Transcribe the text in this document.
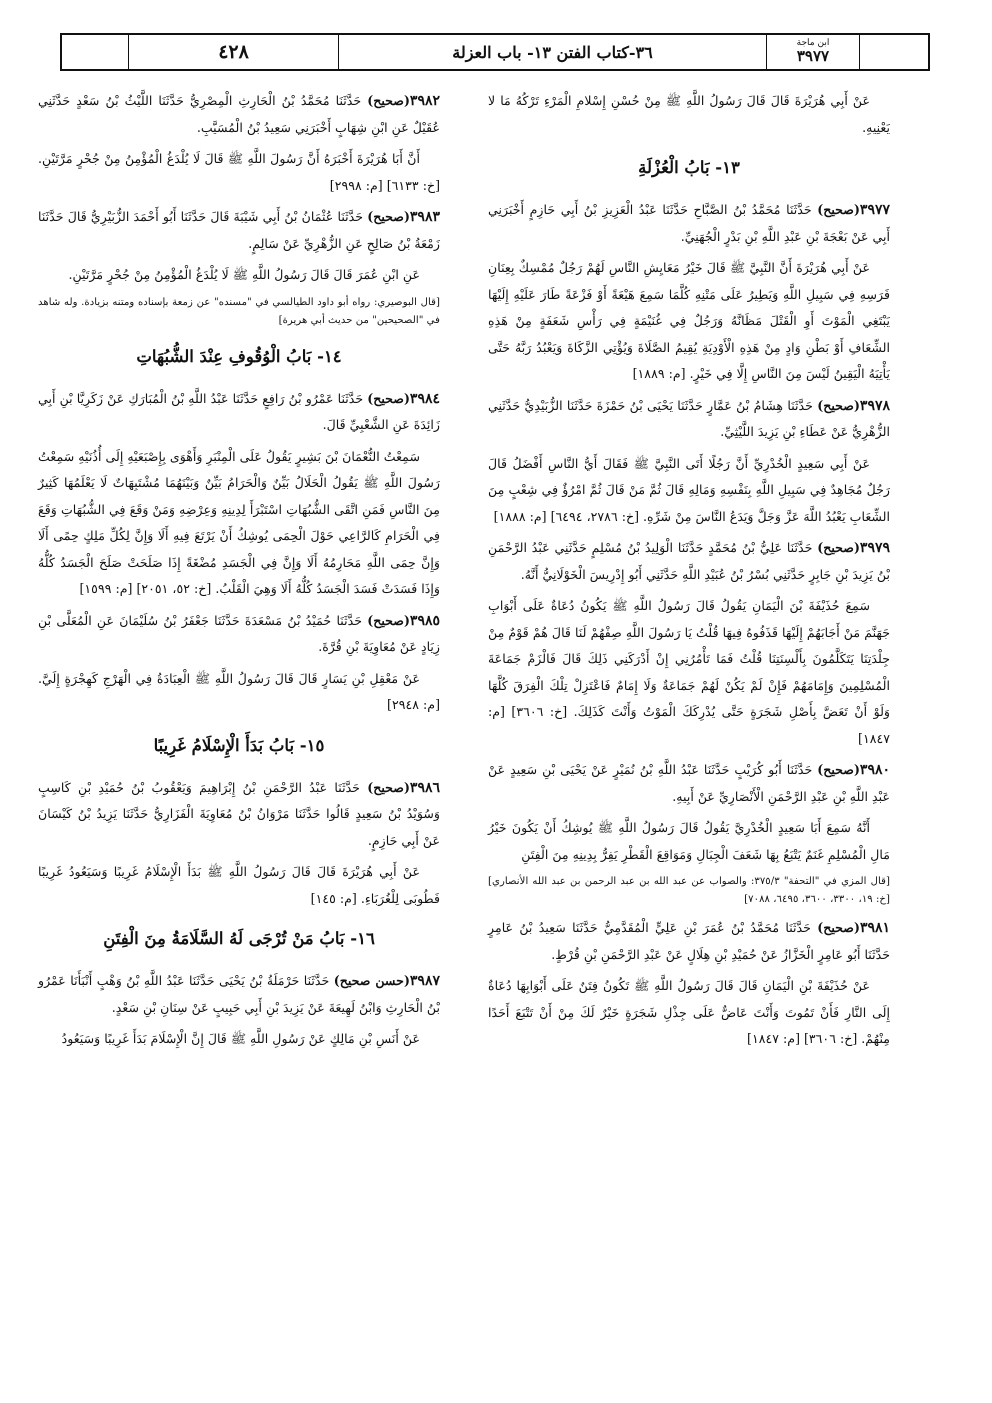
٤٢٨	٣٦-كتاب الفتن ١٣- باب العزلة	ابن ماجة
٣٩٧٧

عَنْ أَبِي هُرَيْرَةَ قَالَ قَالَ رَسُولُ اللَّهِ ﷺ مِنْ حُسْنِ إِسْلامِ الْمَرْءِ تَرْكُهُ مَا لا يَعْنِيهِ.

١٣- بَابُ الْعُزْلَةِ

٣٩٧٧(صحيح) حَدَّثَنَا مُحَمَّدُ بْنُ الصَّبَّاحِ حَدَّثَنَا عَبْدُ الْعَزِيزِ بْنُ أَبِي حَازِمٍ أَخْبَرَنِي أَبِي عَنْ بَعْجَةَ بْنِ عَبْدِ اللَّهِ بْنِ بَدْرٍ الْجُهَنِيِّ.

عَنْ أَبِي هُرَيْرَةَ أَنَّ النَّبِيَّ ﷺ قَالَ خَيْرُ مَعَايِشِ النَّاسِ لَهُمْ رَجُلٌ مُمْسِكٌ بِعِنَانِ فَرَسِهِ فِي سَبِيلِ اللَّهِ وَيَطِيرُ عَلَى مَتْنِهِ كُلَّمَا سَمِعَ هَيْعَةً أَوْ فَزْعَةً طَارَ عَلَيْهِ إِلَيْهَا يَبْتَغِي الْمَوْتَ أَوِ الْقَتْلَ مَظَانَّهُ وَرَجُلٌ فِي غُنَيْمَةٍ فِي رَأْسِ شَعَفَةٍ مِنْ هَذِهِ الشِّعَافِ أَوْ بَطْنِ وَادٍ مِنْ هَذِهِ الْأَوْدِيَةِ يُقِيمُ الصَّلَاةَ وَيُؤْتِي الزَّكَاةَ وَيَعْبُدُ رَبَّهُ حَتَّى يَأْتِيَهُ الْيَقِينُ لَيْسَ مِنَ النَّاسِ إِلَّا فِي خَيْرٍ. [م: ١٨٨٩]

٣٩٧٨(صحيح) حَدَّثَنَا هِشَامُ بْنُ عَمَّارٍ حَدَّثَنَا يَحْيَى بْنُ حَمْزَةَ حَدَّثَنَا الزُّبَيْدِيُّ حَدَّثَنِي الزُّهْرِيُّ عَنْ عَطَاءِ بْنِ يَزِيدَ اللَّيْثِيِّ.

عَنْ أَبِي سَعِيدٍ الْخُدْرِيِّ أَنَّ رَجُلًا أَتَى النَّبِيَّ ﷺ فَقَالَ أَيُّ النَّاسِ أَفْضَلُ قَالَ رَجُلٌ مُجَاهِدٌ فِي سَبِيلِ اللَّهِ بِنَفْسِهِ وَمَالِهِ قَالَ ثُمَّ مَنْ قَالَ ثُمَّ امْرُؤٌ فِي شِعْبٍ مِنَ الشِّعَابِ يَعْبُدُ اللَّهَ عَزَّ وَجَلَّ وَيَدَعُ النَّاسَ مِنْ شَرِّهِ. [خ: ٢٧٨٦، ٦٤٩٤] [م: ١٨٨٨]

٣٩٧٩(صحيح) حَدَّثَنَا عَلِيُّ بْنُ مُحَمَّدٍ حَدَّثَنَا الْوَلِيدُ بْنُ مُسْلِمٍ حَدَّثَنِي عَبْدُ الرَّحْمَنِ بْنُ يَزِيدَ بْنِ جَابِرٍ حَدَّثَنِي بُسْرُ بْنُ عُبَيْدِ اللَّهِ حَدَّثَنِي أَبُو إِدْرِيسَ الْخَوْلَانِيُّ أَنَّهُ.

سَمِعَ حُذَيْفَةَ بْنَ الْيَمَانِ يَقُولُ قَالَ رَسُولُ اللَّهِ ﷺ يَكُونُ دُعَاةٌ عَلَى أَبْوَابِ جَهَنَّمَ مَنْ أَجَابَهُمْ إِلَيْهَا قَذَفُوهُ فِيهَا قُلْتُ يَا رَسُولَ اللَّهِ صِفْهُمْ لَنَا قَالَ هُمْ قَوْمٌ مِنْ جِلْدَتِنَا يَتَكَلَّمُونَ بِأَلْسِنَتِنَا قُلْتُ فَمَا تَأْمُرُنِي إِنْ أَدْرَكَنِي ذَلِكَ قَالَ فَالْزَمْ جَمَاعَةَ الْمُسْلِمِينَ وَإِمَامَهُمْ فَإِنْ لَمْ يَكُنْ لَهُمْ جَمَاعَةٌ وَلَا إِمَامٌ فَاعْتَزِلْ تِلْكَ الْفِرَقَ كُلَّهَا وَلَوْ أَنْ تَعَضَّ بِأَصْلِ شَجَرَةٍ حَتَّى يُدْرِكَكَ الْمَوْتُ وَأَنْتَ كَذَلِكَ. [خ: ٣٦٠٦] [م: ١٨٤٧]

٣٩٨٠(صحيح) حَدَّثَنَا أَبُو كُرَيْبٍ حَدَّثَنَا عَبْدُ اللَّهِ بْنُ نُمَيْرٍ عَنْ يَحْيَى بْنِ سَعِيدٍ عَنْ عَبْدِ اللَّهِ بْنِ عَبْدِ الرَّحْمَنِ الْأَنْصَارِيِّ عَنْ أَبِيهِ.

أَنَّهُ سَمِعَ أَبَا سَعِيدٍ الْخُدْرِيَّ يَقُولُ قَالَ رَسُولُ اللَّهِ ﷺ يُوشِكُ أَنْ يَكُونَ خَيْرُ مَالِ الْمُسْلِمِ غَنَمٌ يَتْبَعُ بِهَا شَعَفَ الْجِبَالِ وَمَوَاقِعَ الْقَطْرِ يَفِرُّ بِدِينِهِ مِنَ الْفِتَنِ

[قال المزي في "التحفة" ٣٧٥/٣: والصواب عن عبد الله بن عبد الرحمن بن عبد الله الأنصاري] [خ: ١٩، ٣٣٠٠، ٣٦٠٠، ٦٤٩٥، ٧٠٨٨]

٣٩٨١(صحيح) حَدَّثَنَا مُحَمَّدُ بْنُ عُمَرَ بْنِ عَلِيٍّ الْمُقَدَّمِيُّ حَدَّثَنَا سَعِيدُ بْنُ عَامِرٍ حَدَّثَنَا أَبُو عَامِرٍ الْخَزَّازُ عَنْ حُمَيْدِ بْنِ هِلَالٍ عَنْ عَبْدِ الرَّحْمَنِ بْنِ قُرْطٍ.

عَنْ حُذَيْفَةَ بْنِ الْيَمَانِ قَالَ قَالَ رَسُولُ اللَّهِ ﷺ تَكُونُ فِتَنٌ عَلَى أَبْوَابِهَا دُعَاةٌ إِلَى النَّارِ فَأَنْ تَمُوتَ وَأَنْتَ عَاضٌّ عَلَى جِذْلِ شَجَرَةٍ خَيْرٌ لَكَ مِنْ أَنْ تَتْبَعَ أَحَدًا مِنْهُمْ. [خ: ٣٦٠٦] [م: ١٨٤٧]

٣٩٨٢(صحيح) حَدَّثَنَا مُحَمَّدُ بْنُ الْحَارِثِ الْمِصْرِيُّ حَدَّثَنَا اللَّيْثُ بْنُ سَعْدٍ حَدَّثَنِي عُقَيْلٌ عَنِ ابْنِ شِهَابٍ أَخْبَرَنِي سَعِيدُ بْنُ الْمُسَيَّبِ.

أَنَّ أَبَا هُرَيْرَةَ أَخْبَرَهُ أَنَّ رَسُولَ اللَّهِ ﷺ قَالَ لَا يُلْدَغُ الْمُؤْمِنُ مِنْ جُحْرٍ مَرَّتَيْنِ. [خ: ٦١٣٣] [م: ٢٩٩٨]

٣٩٨٣(صحيح) حَدَّثَنَا عُثْمَانُ بْنُ أَبِي شَيْبَةَ قَالَ حَدَّثَنَا أَبُو أَحْمَدَ الزُّبَيْرِيُّ قَالَ حَدَّثَنَا زَمْعَةُ بْنُ صَالِحٍ عَنِ الزُّهْرِيِّ عَنْ سَالِمٍ.

عَنِ ابْنِ عُمَرَ قَالَ قَالَ رَسُولُ اللَّهِ ﷺ لَا يُلْدَغُ الْمُؤْمِنُ مِنْ جُحْرٍ مَرَّتَيْنِ.

[قال البوصيري: رواه أبو داود الطيالسي في "مسنده" عن زمعة بإسناده ومتنه بزيادة. وله شاهد في "الصحيحين" من حديث أبي هريرة]

١٤- بَابُ الْوُقُوفِ عِنْدَ الشُّبُهَاتِ

٣٩٨٤(صحيح) حَدَّثَنَا عَمْرُو بْنُ رَافِعٍ حَدَّثَنَا عَبْدُ اللَّهِ بْنُ الْمُبَارَكِ عَنْ زَكَرِيَّا بْنِ أَبِي زَائِدَةَ عَنِ الشَّعْبِيِّ قَالَ.

سَمِعْتُ النُّعْمَانَ بْنَ بَشِيرٍ يَقُولُ عَلَى الْمِنْبَرِ وَأَهْوَى بِإِصْبَعَيْهِ إِلَى أُذُنَيْهِ سَمِعْتُ رَسُولَ اللَّهِ ﷺ يَقُولُ الْحَلَالُ بَيِّنٌ وَالْحَرَامُ بَيِّنٌ وَبَيْنَهُمَا مُشْتَبِهَاتٌ لَا يَعْلَمُهَا كَثِيرٌ مِنَ النَّاسِ فَمَنِ اتَّقَى الشُّبُهَاتِ اسْتَبْرَأَ لِدِينِهِ وَعِرْضِهِ وَمَنْ وَقَعَ فِي الشُّبُهَاتِ وَقَعَ فِي الْحَرَامِ كَالرَّاعِي حَوْلَ الْحِمَى يُوشِكُ أَنْ يَرْتَعَ فِيهِ أَلَا وَإِنَّ لِكُلِّ مَلِكٍ حِمًى أَلَا وَإِنَّ حِمَى اللَّهِ مَحَارِمُهُ أَلَا وَإِنَّ فِي الْجَسَدِ مُضْغَةً إِذَا صَلَحَتْ صَلَحَ الْجَسَدُ كُلُّهُ وَإِذَا فَسَدَتْ فَسَدَ الْجَسَدُ كُلُّهُ أَلَا وَهِيَ الْقَلْبُ. [خ: ٥٢، ٢٠٥١] [م: ١٥٩٩]

٣٩٨٥(صحيح) حَدَّثَنَا حُمَيْدُ بْنُ مَسْعَدَةَ حَدَّثَنَا جَعْفَرُ بْنُ سُلَيْمَانَ عَنِ الْمُعَلَّى بْنِ زِيَادٍ عَنْ مُعَاوِيَةَ بْنِ قُرَّةَ.

عَنْ مَعْقِلِ بْنِ يَسَارٍ قَالَ قَالَ رَسُولُ اللَّهِ ﷺ الْعِبَادَةُ فِي الْهَرْجِ كَهِجْرَةٍ إِلَيَّ. [م: ٢٩٤٨]

١٥- بَابُ بَدَأَ الْإِسْلَامُ غَرِيبًا

٣٩٨٦(صحيح) حَدَّثَنَا عَبْدُ الرَّحْمَنِ بْنُ إِبْرَاهِيمَ وَيَعْقُوبُ بْنُ حُمَيْدِ بْنِ كَاسِبٍ وَسُوَيْدُ بْنُ سَعِيدٍ قَالُوا حَدَّثَنَا مَرْوَانُ بْنُ مُعَاوِيَةَ الْفَزَارِيُّ حَدَّثَنَا يَزِيدُ بْنُ كَيْسَانَ عَنْ أَبِي حَازِمٍ.

عَنْ أَبِي هُرَيْرَةَ قَالَ قَالَ رَسُولُ اللَّهِ ﷺ بَدَأَ الْإِسْلَامُ غَرِيبًا وَسَيَعُودُ غَرِيبًا فَطُوبَى لِلْغُرَبَاءِ. [م: ١٤٥]

١٦- بَابُ مَنْ تُرْجَى لَهُ السَّلَامَةُ مِنَ الْفِتَنِ

٣٩٨٧(حسن صحيح) حَدَّثَنَا حَرْمَلَةُ بْنُ يَحْيَى حَدَّثَنَا عَبْدُ اللَّهِ بْنُ وَهْبٍ أَنْبَأَنَا عَمْرُو بْنُ الْحَارِثِ وَابْنُ لَهِيعَةَ عَنْ يَزِيدَ بْنِ أَبِي حَبِيبٍ عَنْ سِنَانِ بْنِ سَعْدٍ.

عَنْ أَنَسِ بْنِ مَالِكٍ عَنْ رَسُولِ اللَّهِ ﷺ قَالَ إِنَّ الْإِسْلَامَ بَدَأَ غَرِيبًا وَسَيَعُودُ
